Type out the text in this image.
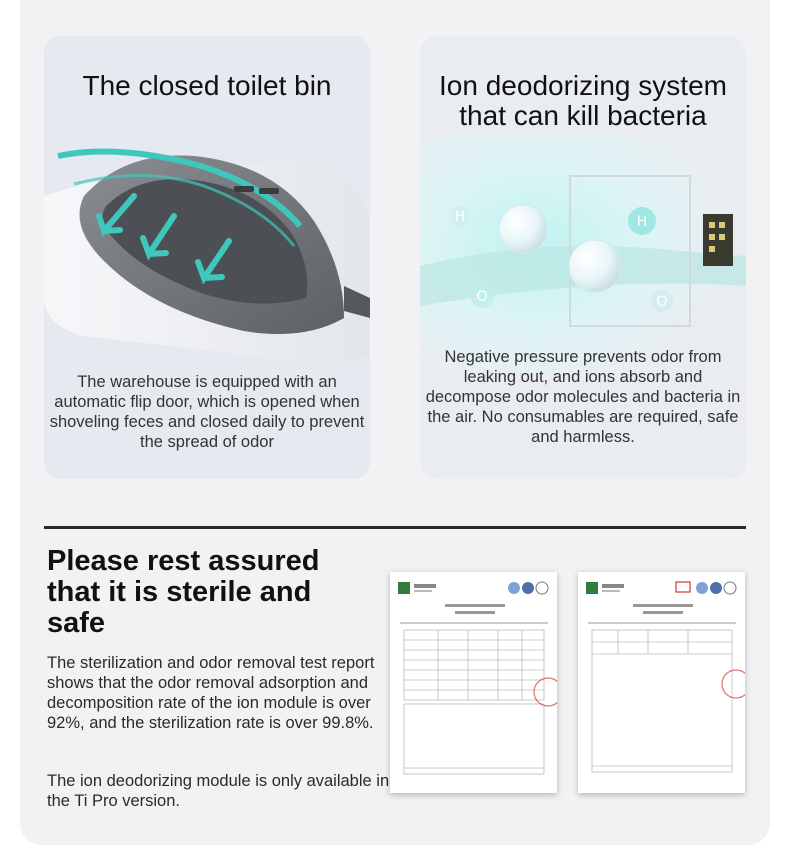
The closed toilet bin

The warehouse is equipped with an automatic flip door, which is opened when shoveling feces and closed daily to prevent the spread of odor

H
O	O
H
Ion deodorizing system that can kill bacteria

Negative pressure prevents odor from leaking out, and ions absorb and decompose odor molecules and bacteria in the air. No consumables are required, safe and harmless.

Please rest assured that it is sterile and safe

The sterilization and odor removal test report shows that the odor removal adsorption and decomposition rate of the ion module is over 92%, and the sterilization rate is over 99.8%.

The ion deodorizing module is only available in the Ti Pro version.
